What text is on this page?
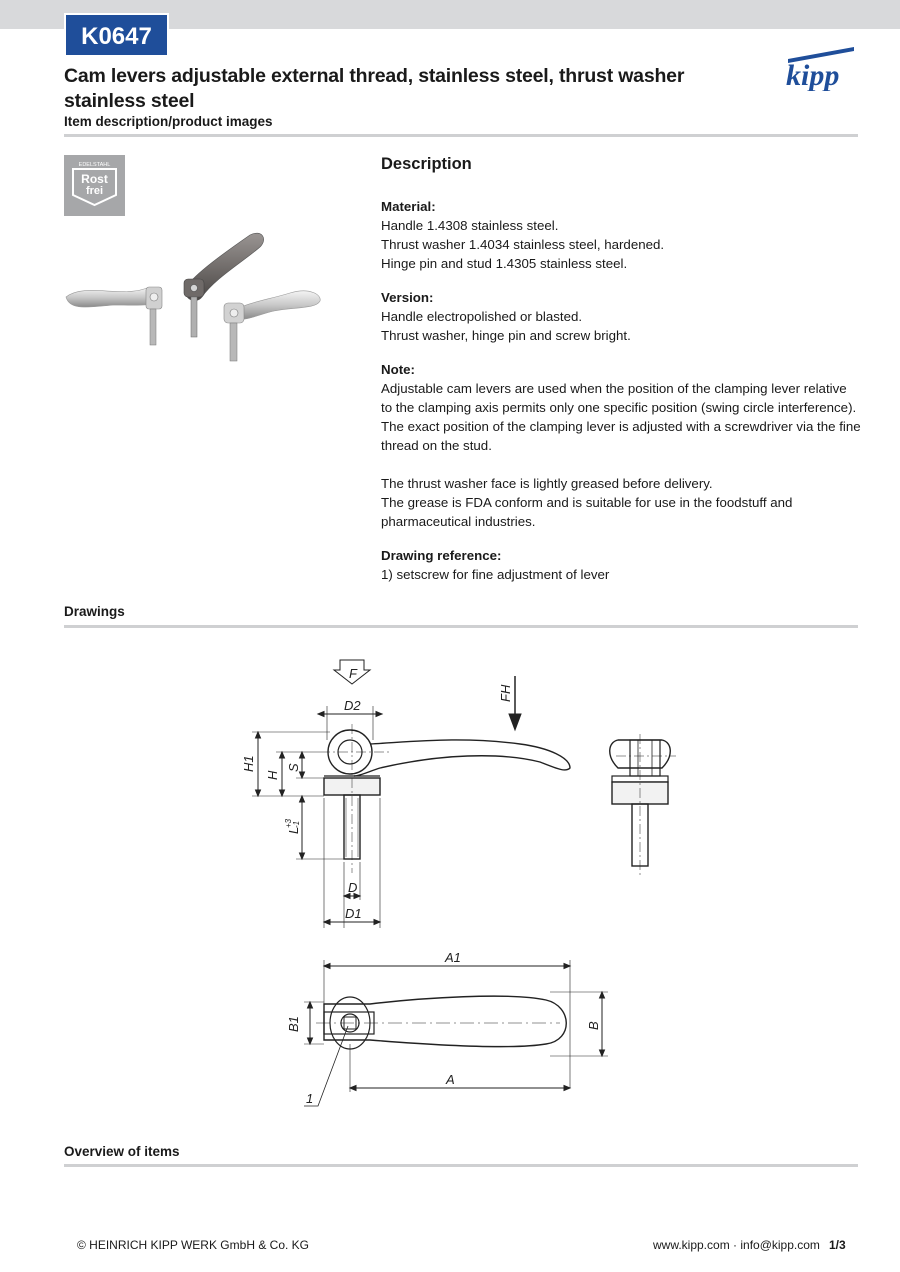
K0647
kipp
Cam levers adjustable external thread, stainless steel, thrust washer stainless steel
Item description/product images
EDELSTAHL
Rost
frei
Description

Material:

Handle 1.4308 stainless steel.

Thrust washer 1.4034 stainless steel, hardened.

Hinge pin and stud 1.4305 stainless steel.

Version:

Handle electropolished or blasted.

Thrust washer, hinge pin and screw bright.

Note:

Adjustable cam levers are used when the position of the clamping lever relative to the clamping axis permits only one specific position (swing circle interference). The exact position of the clamping lever is adjusted with a screwdriver via the fine thread on the stud.

The thrust washer face is lightly greased before delivery.

The grease is FDA conform and is suitable for use in the foodstuff and pharmaceutical industries.

Drawing reference:

1) setscrew for fine adjustment of lever

Drawings
F
FH
D2
H1
H
S
L
+3 -1
D
D1
A1
A
B1	B
1
Overview of items
© HEINRICH KIPP WERK GmbH & Co. KG	www.kipp.com · info@kipp.com 1/3
